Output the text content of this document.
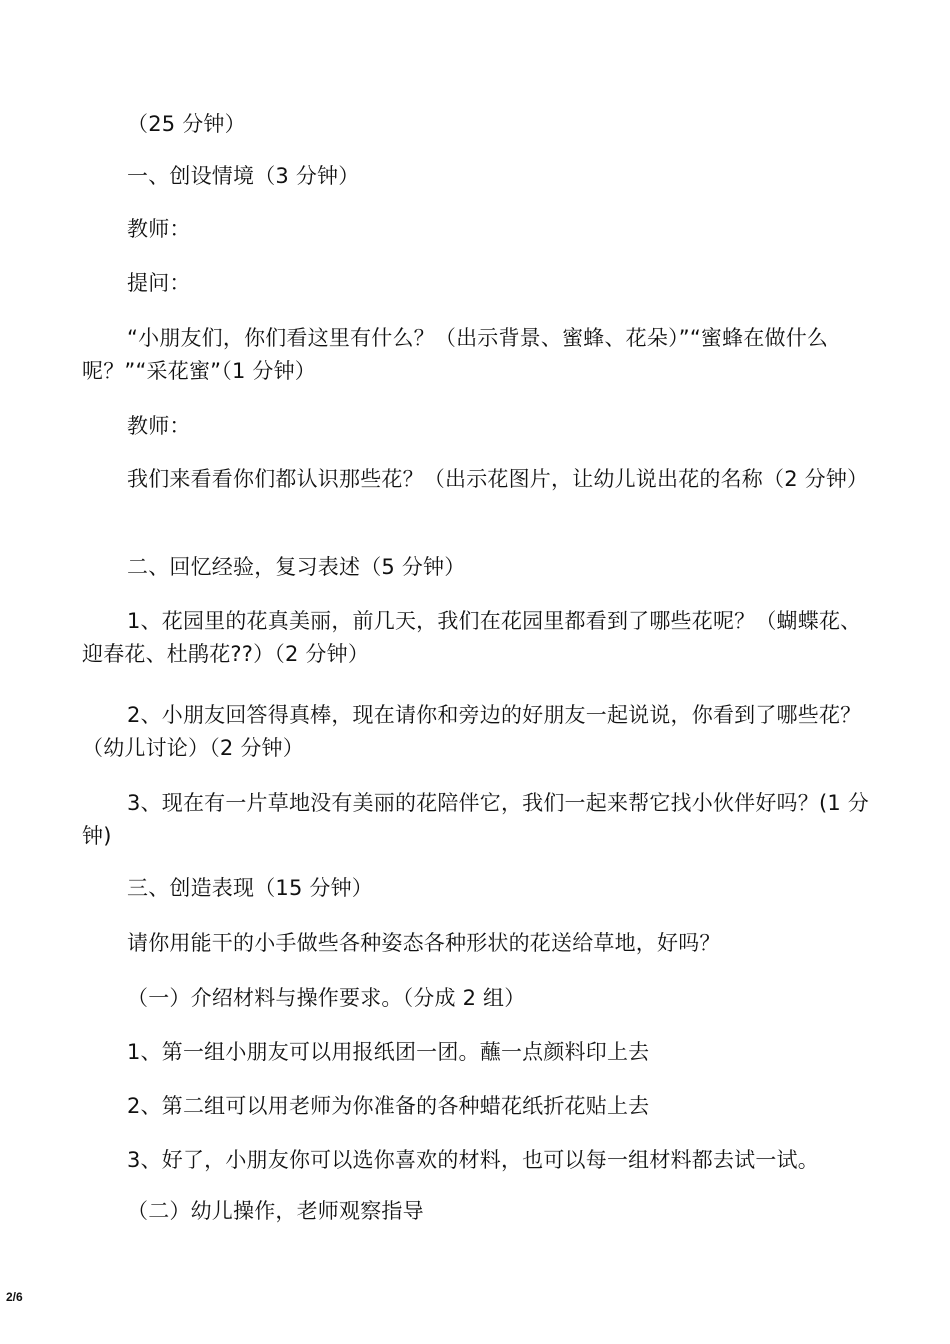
（25 分钟）

一、创设情境（3 分钟）

教师：

提问：

“小朋友们，你们看这里有什么？（出示背景、蜜蜂、花朵）”“蜜蜂在做什么呢？”“采花蜜”（1 分钟）

教师：

我们来看看你们都认识那些花？（出示花图片，让幼儿说出花的名称（2 分钟）

二、回忆经验，复习表述（5 分钟）

1、花园里的花真美丽，前几天，我们在花园里都看到了哪些花呢？（蝴蝶花、迎春花、杜鹃花??）（2 分钟）

2、小朋友回答得真棒，现在请你和旁边的好朋友一起说说，你看到了哪些花？（幼儿讨论）（2 分钟）

3、现在有一片草地没有美丽的花陪伴它，我们一起来帮它找小伙伴好吗？(1 分钟)

三、创造表现（15 分钟）

请你用能干的小手做些各种姿态各种形状的花送给草地，好吗？

（一）介绍材料与操作要求。（分成 2 组）

1、第一组小朋友可以用报纸团一团。蘸一点颜料印上去

2、第二组可以用老师为你准备的各种蜡花纸折花贴上去

3、好了，小朋友你可以选你喜欢的材料，也可以每一组材料都去试一试。

（二）幼儿操作，老师观察指导

2/6
